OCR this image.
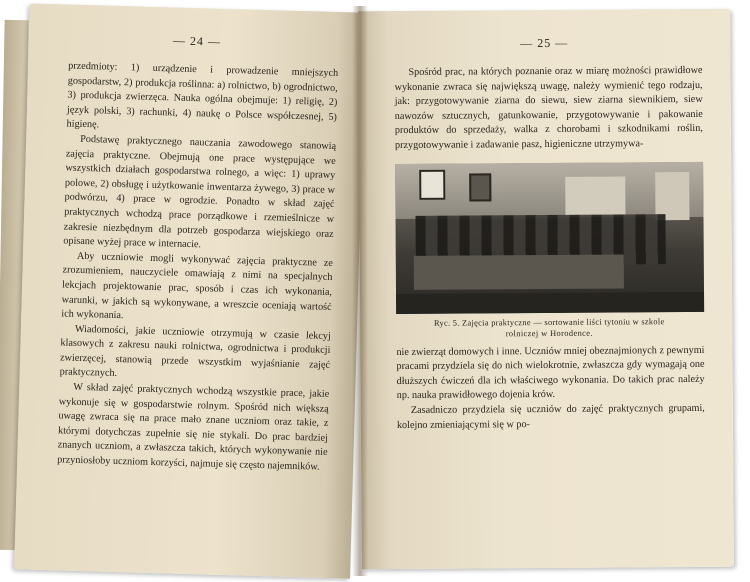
— 24 —

przedmioty: 1) urządzenie i prowadzenie mniejszych gospodarstw, 2) produkcja roślinna: a) rolnictwo, b) ogrodnictwo, 3) produkcja zwierzęca. Nauka ogólna obejmuje: 1) religię, 2) język polski, 3) rachunki, 4) naukę o Polsce współczesnej, 5) higienę.

Podstawę praktycznego nauczania zawodowego stanowią zajęcia praktyczne. Obejmują one prace występujące we wszystkich działach gospodarstwa rolnego, a więc: 1) uprawy polowe, 2) obsługę i użytkowanie inwentarza żywego, 3) prace w podwórzu, 4) prace w ogrodzie. Ponadto w skład zajęć praktycznych wchodzą prace porządkowe i rzemieślnicze w zakresie niezbędnym dla potrzeb gospodarza wiejskiego oraz opisane wyżej prace w internacie.

Aby uczniowie mogli wykonywać zajęcia praktyczne ze zrozumieniem, nauczyciele omawiają z nimi na specjalnych lekcjach projektowanie prac, sposób i czas ich wykonania, warunki, w jakich są wykonywane, a wreszcie oceniają wartość ich wykonania.

Wiadomości, jakie uczniowie otrzymują w czasie lekcyj klasowych z zakresu nauki rolnictwa, ogrodnictwa i produkcji zwierzęcej, stanowią przede wszystkim wyjaśnianie zajęć praktycznych.

W skład zajęć praktycznych wchodzą wszystkie prace, jakie wykonuje się w gospodarstwie rolnym. Spośród nich większą uwagę zwraca się na prace mało znane uczniom oraz takie, z którymi dotychczas zupełnie się nie stykali. Do prac bardziej znanych uczniom, a zwłaszcza takich, których wykonywanie nie przyniosłoby uczniom korzyści, najmuje się często najemników.

— 25 —

Spośród prac, na których poznanie oraz w miarę możności prawidłowe wykonanie zwraca się największą uwagę, należy wymienić tego rodzaju, jak: przygotowywanie ziarna do siewu, siew ziarna siewnikiem, siew nawozów sztucznych, gatunkowanie, przygotowywanie i pakowanie produktów do sprzedaży, walka z chorobami i szkodnikami roślin, przygotowywanie i zadawanie pasz, higieniczne utrzymywa-

Ryc. 5. Zajęcia praktyczne — sortowanie liści tytoniu w szkole
rolniczej w Horodence.

nie zwierząt domowych i inne. Uczniów mniej obeznajmionych z pewnymi pracami przydziela się do nich wielokrotnie, zwłaszcza gdy wymagają one dłuższych ćwiczeń dla ich właściwego wykonania. Do takich prac należy np. nauka prawidłowego dojenia krów.

Zasadniczo przydziela się uczniów do zajęć praktycznych grupami, kolejno zmieniającymi się w po-
